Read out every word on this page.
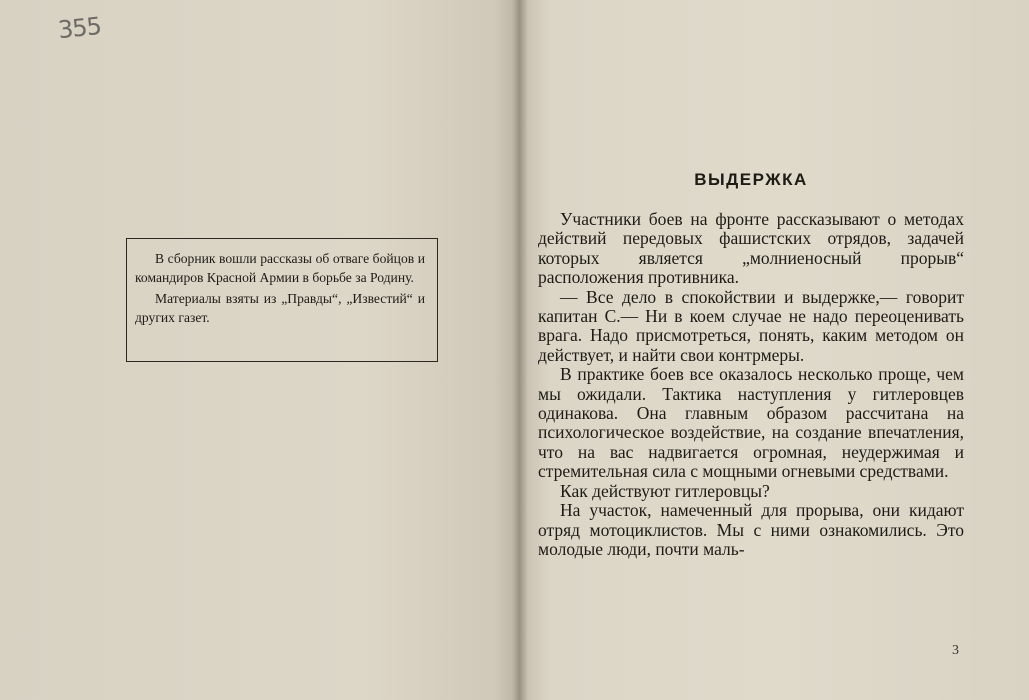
355

В сборник вошли рассказы об отваге бойцов и командиров Красной Армии в борьбе за Родину.

Материалы взяты из „Правды“, „Известий“ и других газет.

ВЫДЕРЖКА

Участники боев на фронте рассказывают о методах действий передовых фашистских отрядов, задачей которых является „молниеносный прорыв“ расположения противника.

— Все дело в спокойствии и выдержке,— говорит капитан С.— Ни в коем случае не надо переоценивать врага. Надо присмотреться, понять, каким методом он действует, и найти свои контрмеры.

В практике боев все оказалось несколько проще, чем мы ожидали. Тактика наступления у гитлеровцев одинакова. Она главным образом рассчитана на психологическое воздействие, на создание впечатления, что на вас надвигается огромная, неудержимая и стремительная сила с мощными огневыми средствами.

Как действуют гитлеровцы?

На участок, намеченный для прорыва, они кидают отряд мотоциклистов. Мы с ними ознакомились. Это молодые люди, почти маль-

3
